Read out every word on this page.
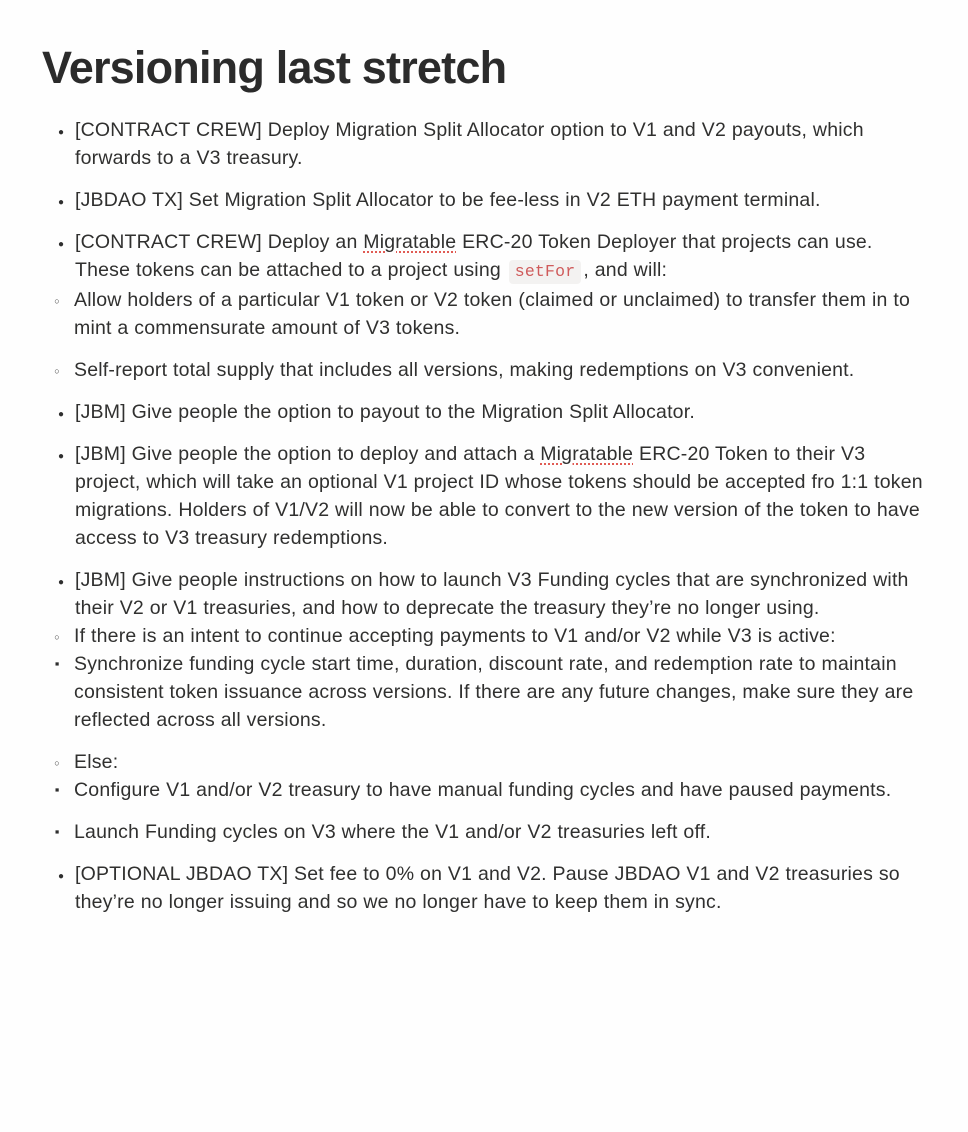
Versioning last stretch
●
[CONTRACT CREW] Deploy Migration Split Allocator option to V1 and V2 payouts, which forwards to a V3 treasury.
●
[JBDAO TX] Set Migration Split Allocator to be fee-less in V2 ETH payment terminal.
●
[CONTRACT CREW] Deploy an Migratable ERC-20 Token Deployer that projects can use. These tokens can be attached to a project using setFor , and will:
○
Allow holders of a particular V1 token or V2 token (claimed or unclaimed) to transfer them in to mint a commensurate amount of V3 tokens.
○
Self-report total supply that includes all versions, making redemptions on V3 convenient.
●
[JBM] Give people the option to payout to the Migration Split Allocator.
●
[JBM] Give people the option to deploy and attach a Migratable ERC-20 Token to their V3 project, which will take an optional V1 project ID whose tokens should be accepted fro 1:1 token migrations. Holders of V1/V2 will now be able to convert to the new version of the token to have access to V3 treasury redemptions.
●
[JBM] Give people instructions on how to launch V3 Funding cycles that are synchronized with their V2 or V1 treasuries, and how to deprecate the treasury they’re no longer using.
○
If there is an intent to continue accepting payments to V1 and/or V2 while V3 is active:
▪
Synchronize funding cycle start time, duration, discount rate, and redemption rate to maintain consistent token issuance across versions. If there are any future changes, make sure they are reflected across all versions.
○
Else:
▪
Configure V1 and/or V2 treasury to have manual funding cycles and have paused payments.
▪
Launch Funding cycles on V3 where the V1 and/or V2 treasuries left off.
●
[OPTIONAL JBDAO TX] Set fee to 0% on V1 and V2. Pause JBDAO V1 and V2 treasuries so they’re no longer issuing and so we no longer have to keep them in sync.
